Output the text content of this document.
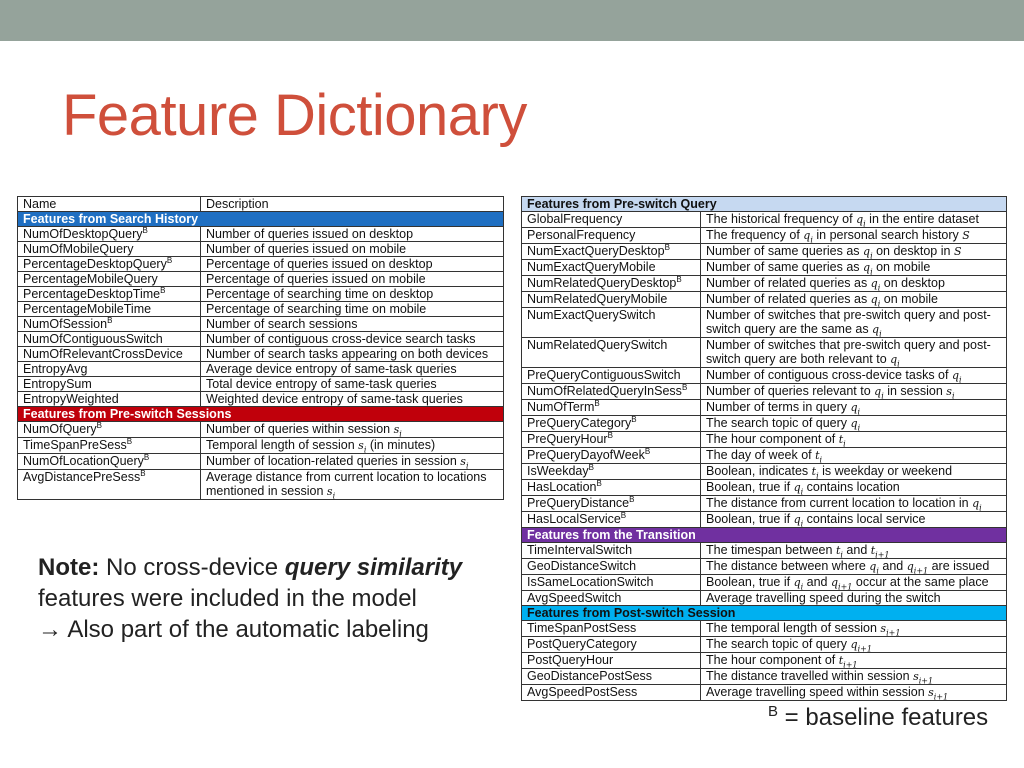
Feature Dictionary
Name	Description
Features from Search History	
NumOfDesktopQuery$^B$	Number of queries issued on desktop
NumOfMobileQuery	Number of queries issued on mobile
PercentageDesktopQuery$^B$	Percentage of queries issued on desktop
PercentageMobileQuery	Percentage of queries issued on mobile
PercentageDesktopTime$^B$	Percentage of searching time on desktop
PercentageMobileTime	Percentage of searching time on mobile
NumOfSession$^B$	Number of search sessions
NumOfContiguousSwitch	Number of contiguous cross-device search tasks
NumOfRelevantCrossDevice	Number of search tasks appearing on both devices
EntropyAvg	Average device entropy of same-task queries
EntropySum	Total device entropy of same-task queries
EntropyWeighted	Weighted device entropy of same-task queries
Features from Pre-switch Sessions	
NumOfQuery$^B$	Number of queries within session $s_i$
TimeSpanPreSess$^B$	Temporal length of session $s_i$ (in minutes)
NumOfLocationQuery$^B$	Number of location-related queries in session $s_i$
AvgDistancePreSess$^B$	Average distance from current location to locations mentioned in session $s_i$
Features from Pre-switch Query	
GlobalFrequency	The historical frequency of $q_i$ in the entire dataset
PersonalFrequency	The frequency of $q_i$ in personal search history S
NumExactQueryDesktop$^B$	Number of same queries as $q_i$ on desktop in S
NumExactQueryMobile	Number of same queries as $q_i$ on mobile
NumRelatedQueryDesktop$^B$	Number of related queries as $q_i$ on desktop
NumRelatedQueryMobile	Number of related queries as $q_i$ on mobile
NumExactQuerySwitch	Number of switches that pre-switch query and post-switch query are the same as $q_i$
NumRelatedQuerySwitch	Number of switches that pre-switch query and post-switch query are both relevant to $q_i$
PreQueryContiguousSwitch	Number of contiguous cross-device tasks of $q_i$
NumOfRelatedQueryInSess$^B$	Number of queries relevant to $q_i$ in session $s_i$
NumOfTerm$^B$	Number of terms in query $q_i$
PreQueryCategory$^B$	The search topic of query $q_i$
PreQueryHour$^B$	The hour component of $t_i$
PreQueryDayofWeek$^B$	The day of week of $t_i$
IsWeekday$^B$	Boolean, indicates $t_i$ is weekday or weekend
HasLocation$^B$	Boolean, true if $q_i$ contains location
PreQueryDistance$^B$	The distance from current location to location in $q_i$
HasLocalService$^B$	Boolean, true if $q_i$ contains local service
Features from the Transition	
TimeIntervalSwitch	The timespan between $t_i$ and $t_{i+1}$
GeoDistanceSwitch	The distance between where $q_i$ and $q_{i+1}$ are issued
IsSameLocationSwitch	Boolean, true if $q_i$ and $q_{i+1}$ occur at the same place
AvgSpeedSwitch	Average travelling speed during the switch
Features from Post-switch Session	
TimeSpanPostSess	The temporal length of session $s_{i+1}$
PostQueryCategory	The search topic of query $q_{i+1}$
PostQueryHour	The hour component of $t_{i+1}$
GeoDistancePostSess	The distance travelled within session $s_{i+1}$
AvgSpeedPostSess	Average travelling speed within session $s_{i+1}$
Note: No cross-device query similarity
features were included in the model
→ Also part of the automatic labeling
$^B$ = baseline features
